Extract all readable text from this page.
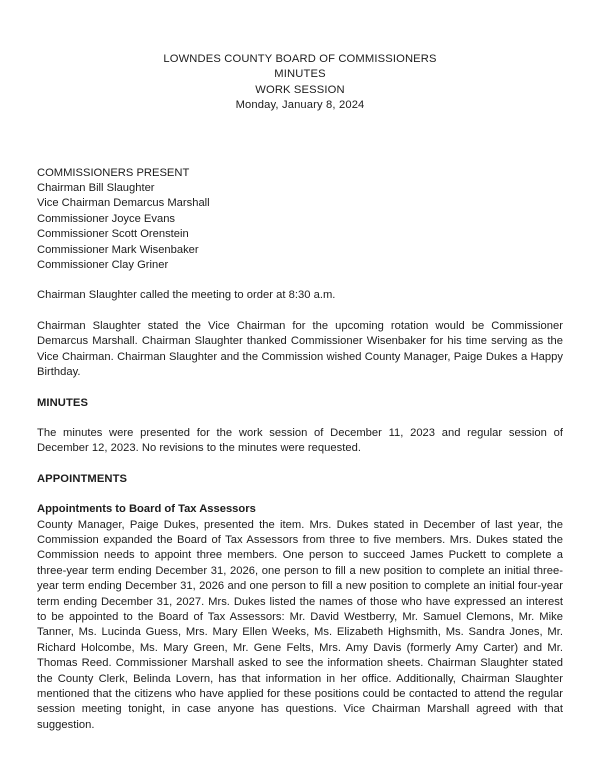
LOWNDES COUNTY BOARD OF COMMISSIONERS
MINUTES
WORK SESSION
Monday, January 8, 2024
COMMISSIONERS PRESENT
Chairman Bill Slaughter
Vice Chairman Demarcus Marshall
Commissioner Joyce Evans
Commissioner Scott Orenstein
Commissioner Mark Wisenbaker
Commissioner Clay Griner

Chairman Slaughter called the meeting to order at 8:30 a.m.

Chairman Slaughter stated the Vice Chairman for the upcoming rotation would be Commissioner Demarcus Marshall. Chairman Slaughter thanked Commissioner Wisenbaker for his time serving as the Vice Chairman. Chairman Slaughter and the Commission wished County Manager, Paige Dukes a Happy Birthday.

MINUTES

The minutes were presented for the work session of December 11, 2023 and regular session of December 12, 2023. No revisions to the minutes were requested.

APPOINTMENTS
Appointments to Board of Tax Assessors

County Manager, Paige Dukes, presented the item. Mrs. Dukes stated in December of last year, the Commission expanded the Board of Tax Assessors from three to five members. Mrs. Dukes stated the Commission needs to appoint three members. One person to succeed James Puckett to complete a three-year term ending December 31, 2026, one person to fill a new position to complete an initial three-year term ending December 31, 2026 and one person to fill a new position to complete an initial four-year term ending December 31, 2027. Mrs. Dukes listed the names of those who have expressed an interest to be appointed to the Board of Tax Assessors: Mr. David Westberry, Mr. Samuel Clemons, Mr. Mike Tanner, Ms. Lucinda Guess, Mrs. Mary Ellen Weeks, Ms. Elizabeth Highsmith, Ms. Sandra Jones, Mr. Richard Holcombe, Ms. Mary Green, Mr. Gene Felts, Mrs. Amy Davis (formerly Amy Carter) and Mr. Thomas Reed. Commissioner Marshall asked to see the information sheets. Chairman Slaughter stated the County Clerk, Belinda Lovern, has that information in her office. Additionally, Chairman Slaughter mentioned that the citizens who have applied for these positions could be contacted to attend the regular session meeting tonight, in case anyone has questions. Vice Chairman Marshall agreed with that suggestion.
